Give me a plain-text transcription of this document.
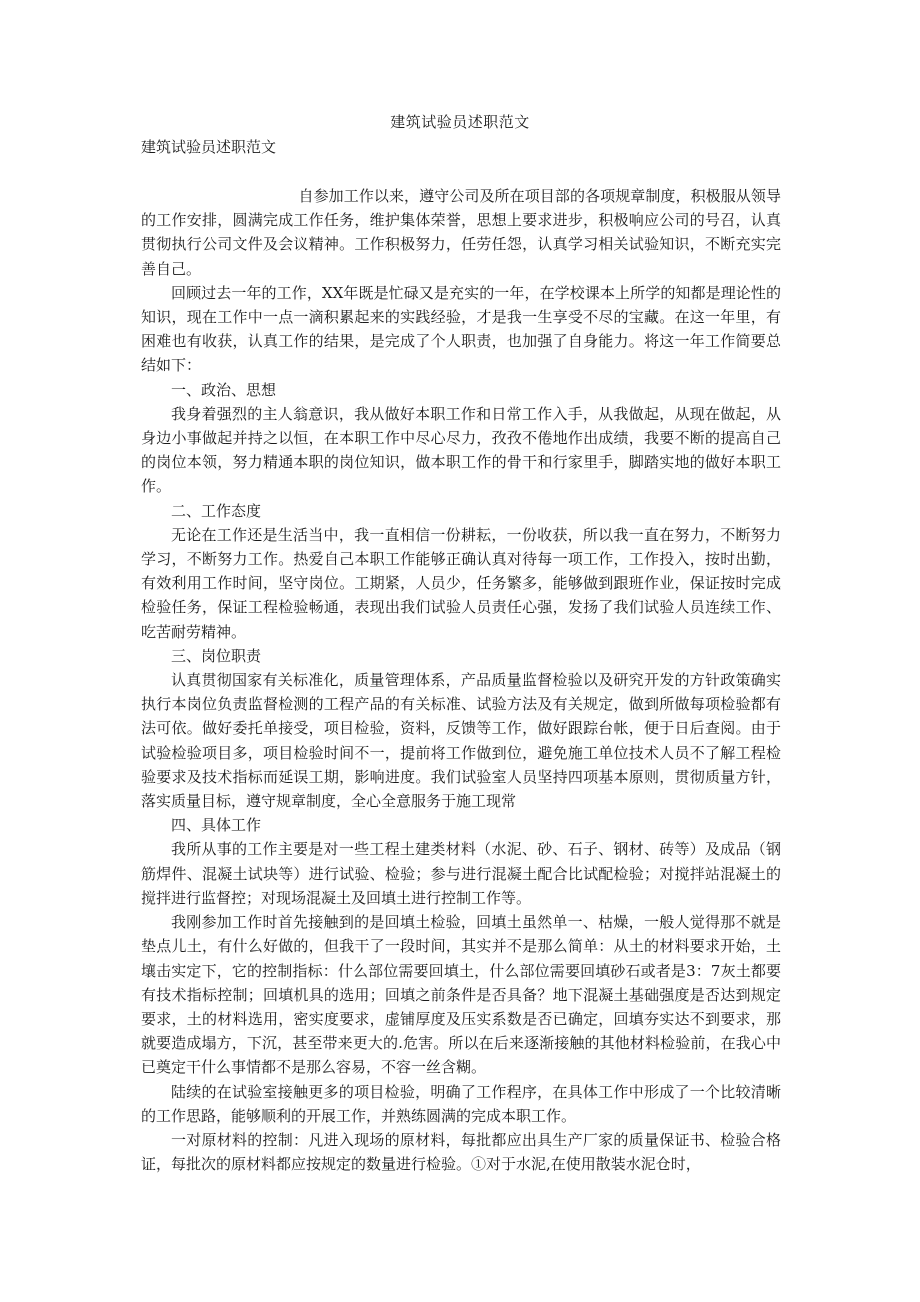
建筑试验员述职范文
建筑试验员述职范文

自参加工作以来，遵守公司及所在项目部的各项规章制度，积极服从领导的工作安排，圆满完成工作任务，维护集体荣誉，思想上要求进步，积极响应公司的号召，认真贯彻执行公司文件及会议精神。工作积极努力，任劳任怨，认真学习相关试验知识，不断充实完善自己。

回顾过去一年的工作，XX年既是忙碌又是充实的一年，在学校课本上所学的知都是理论性的知识，现在工作中一点一滴积累起来的实践经验，才是我一生享受不尽的宝藏。在这一年里，有困难也有收获，认真工作的结果，是完成了个人职责，也加强了自身能力。将这一年工作简要总结如下：

一、政治、思想

我身着强烈的主人翁意识，我从做好本职工作和日常工作入手，从我做起，从现在做起，从身边小事做起并持之以恒，在本职工作中尽心尽力，孜孜不倦地作出成绩，我要不断的提高自己的岗位本领，努力精通本职的岗位知识，做本职工作的骨干和行家里手，脚踏实地的做好本职工作。

二、工作态度

无论在工作还是生活当中，我一直相信一份耕耘，一份收获，所以我一直在努力，不断努力学习，不断努力工作。热爱自己本职工作能够正确认真对待每一项工作，工作投入，按时出勤，有效利用工作时间，坚守岗位。工期紧，人员少，任务繁多，能够做到跟班作业，保证按时完成检验任务，保证工程检验畅通，表现出我们试验人员责任心强，发扬了我们试验人员连续工作、吃苦耐劳精神。

三、岗位职责

认真贯彻国家有关标准化，质量管理体系，产品质量监督检验以及研究开发的方针政策确实执行本岗位负责监督检测的工程产品的有关标准、试验方法及有关规定，做到所做每项检验都有法可依。做好委托单接受，项目检验，资料，反馈等工作，做好跟踪台帐，便于日后查阅。由于试验检验项目多，项目检验时间不一，提前将工作做到位，避免施工单位技术人员不了解工程检验要求及技术指标而延误工期，影响进度。我们试验室人员坚持四项基本原则，贯彻质量方针，落实质量目标，遵守规章制度，全心全意服务于施工现常

四、具体工作

我所从事的工作主要是对一些工程土建类材料（水泥、砂、石子、钢材、砖等）及成品（钢筋焊件、混凝土试块等）进行试验、检验；参与进行混凝土配合比试配检验；对搅拌站混凝土的搅拌进行监督控；对现场混凝土及回填土进行控制工作等。

我刚参加工作时首先接触到的是回填土检验，回填土虽然单一、枯燥，一般人觉得那不就是垫点儿土，有什么好做的，但我干了一段时间，其实并不是那么简单：从土的材料要求开始，土壤击实定下，它的控制指标：什么部位需要回填土，什么部位需要回填砂石或者是3：7灰土都要有技术指标控制；回填机具的选用；回填之前条件是否具备？地下混凝土基础强度是否达到规定要求，土的材料选用，密实度要求，虚铺厚度及压实系数是否已确定，回填夯实达不到要求，那就要造成塌方，下沉，甚至带来更大的.危害。所以在后来逐渐接触的其他材料检验前，在我心中已奠定干什么事情都不是那么容易，不容一丝含糊。

陆续的在试验室接触更多的项目检验，明确了工作程序，在具体工作中形成了一个比较清晰的工作思路，能够顺利的开展工作，并熟练圆满的完成本职工作。

一对原材料的控制：凡进入现场的原材料，每批都应出具生产厂家的质量保证书、检验合格证，每批次的原材料都应按规定的数量进行检验。①对于水泥,在使用散装水泥仓时，
